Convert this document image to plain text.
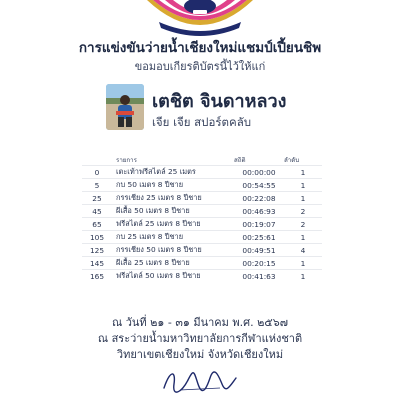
การแข่งขันว่ายน้ำเชียงใหม่แชมป์เปี้ยนชิพ
ขอมอบเกียรติบัตรนี้ไว้ให้แก่
เตชิต จินดาหลวง
เจีย เจีย สปอร์ตคลับ
	รายการ	สถิติ	ลำดับ
0	เตะเท้าฟรีสไตล์ 25 เมตร	00:00:00	1
5	กบ 50 เมตร 8 ปีชาย	00:54:55	1
25	กรรเชียง 25 เมตร 8 ปีชาย	00:22:08	1
45	ผีเสื้อ 50 เมตร 8 ปีชาย	00:46:93	2
65	ฟรีสไตล์ 25 เมตร 8 ปีชาย	00:19:07	2
105	กบ 25 เมตร 8 ปีชาย	00:25:61	1
125	กรรเชียง 50 เมตร 8 ปีชาย	00:49:51	4
145	ผีเสื้อ 25 เมตร 8 ปีชาย	00:20:15	1
165	ฟรีสไตล์ 50 เมตร 8 ปีชาย	00:41:63	1
ณ วันที่ ๒๑ - ๓๑ มีนาคม พ.ศ. ๒๕๖๗
ณ สระว่ายน้ำมหาวิทยาลัยการกีฬาแห่งชาติ
วิทยาเขตเชียงใหม่ จังหวัดเชียงใหม่
